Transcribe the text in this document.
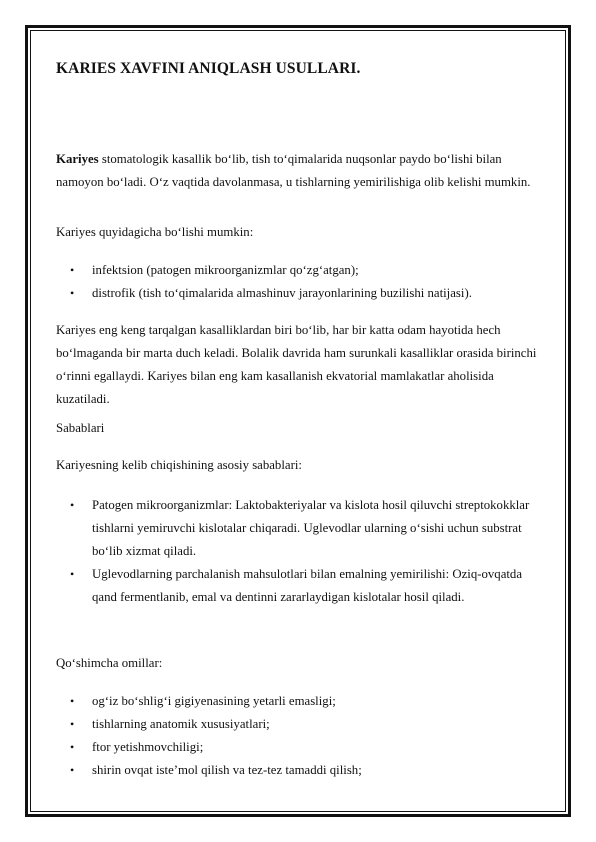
KARIES XAVFINI ANIQLASH USULLARI.

Kariyes stomatologik kasallik bo‘lib, tish to‘qimalarida nuqsonlar paydo bo‘lishi bilan namoyon bo‘ladi. O‘z vaqtida davolanmasa, u tishlarning yemirilishiga olib kelishi mumkin.

Kariyes quyidagicha bo‘lishi mumkin:

• infektsion (patogen mikroorganizmlar qo‘zg‘atgan);
• distrofik (tish to‘qimalarida almashinuv jarayonlarining buzilishi natijasi).

Kariyes eng keng tarqalgan kasalliklardan biri bo‘lib, har bir katta odam hayotida hech bo‘lmaganda bir marta duch keladi. Bolalik davrida ham surunkali kasalliklar orasida birinchi o‘rinni egallaydi. Kariyes bilan eng kam kasallanish ekvatorial mamlakatlar aholisida kuzatiladi.

Sabablari

Kariyesning kelib chiqishining asosiy sabablari:

• Patogen mikroorganizmlar: Laktobakteriyalar va kislota hosil qiluvchi streptokokklar tishlarni yemiruvchi kislotalar chiqaradi. Uglevodlar ularning o‘sishi uchun substrat bo‘lib xizmat qiladi.
• Uglevodlarning parchalanish mahsulotlari bilan emalning yemirilishi: Oziq-ovqatda qand fermentlanib, emal va dentinni zararlaydigan kislotalar hosil qiladi.

Qo‘shimcha omillar:

• og‘iz bo‘shlig‘i gigiyenasining yetarli emasligi;
• tishlarning anatomik xususiyatlari;
• ftor yetishmovchiligi;
• shirin ovqat iste’mol qilish va tez-tez tamaddi qilish;
